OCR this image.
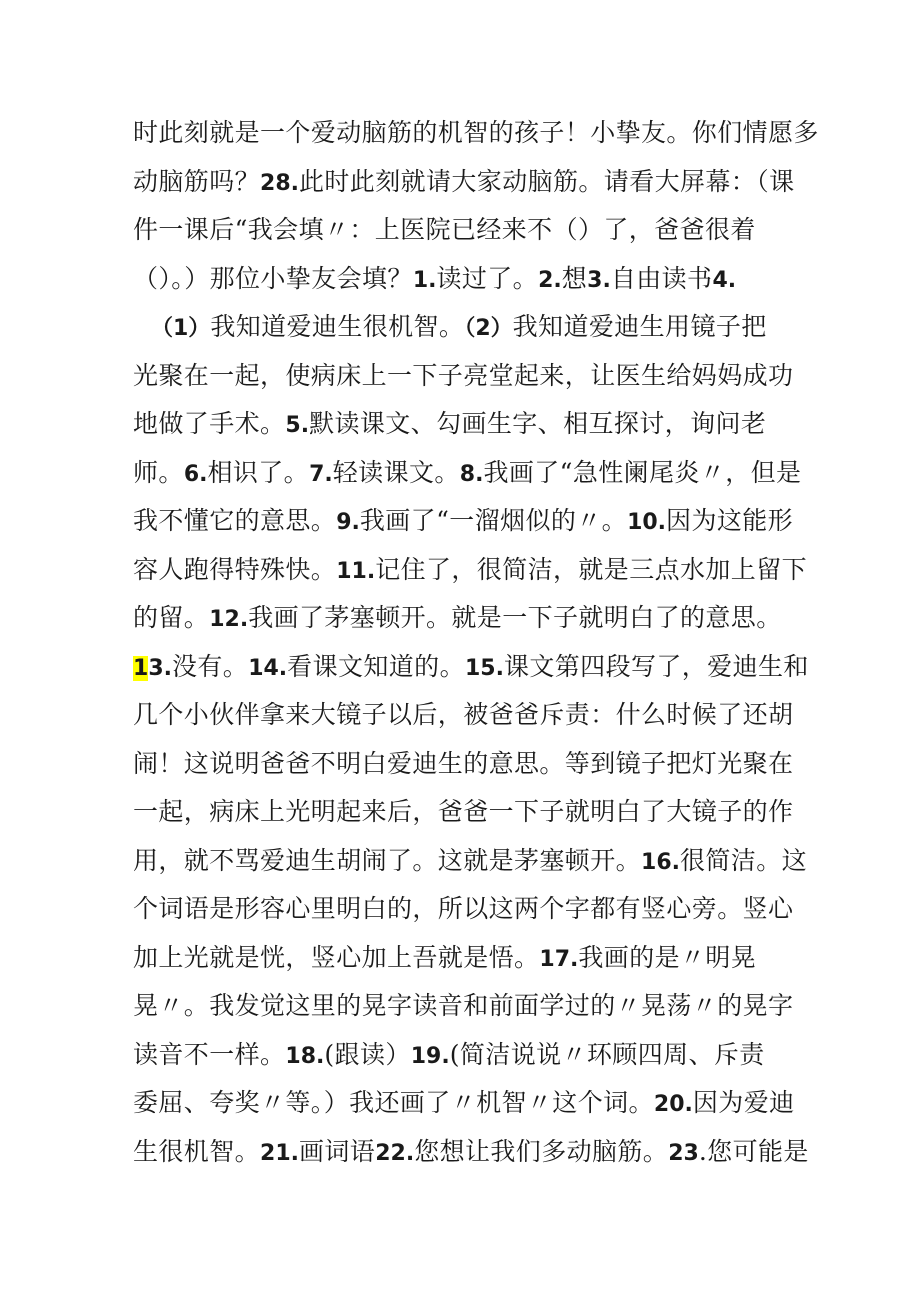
时此刻就是一个爱动脑筋的机智的孩子！小挚友。你们情愿多
动脑筋吗？28.此时此刻就请大家动脑筋。请看大屏幕：（课
件一课后“我会填〃：上医院已经来不（）了，爸爸很着
（）。）那位小挚友会填？1.读过了。2.想3.自由读书4.
（1）我知道爱迪生很机智。（2）我知道爱迪生用镜子把
光聚在一起，使病床上一下子亮堂起来，让医生给妈妈成功
地做了手术。5.默读课文、勾画生字、相互探讨，询问老
师。6.相识了。7.轻读课文。8.我画了“急性阑尾炎〃，但是
我不懂它的意思。9.我画了“一溜烟似的〃。10.因为这能形
容人跑得特殊快。11.记住了，很简洁，就是三点水加上留下
的留。12.我画了茅塞顿开。就是一下子就明白了的意思。
13.没有。14.看课文知道的。15.课文第四段写了，爱迪生和
几个小伙伴拿来大镜子以后，被爸爸斥责：什么时候了还胡
闹！这说明爸爸不明白爱迪生的意思。等到镜子把灯光聚在
一起，病床上光明起来后，爸爸一下子就明白了大镜子的作
用，就不骂爱迪生胡闹了。这就是茅塞顿开。16.很简洁。这
个词语是形容心里明白的，所以这两个字都有竖心旁。竖心
加上光就是恍，竖心加上吾就是悟。17.我画的是〃明晃
晃〃。我发觉这里的晃字读音和前面学过的〃晃荡〃的晃字
读音不一样。18.(跟读）19.(简洁说说〃环顾四周、斥责
委屈、夸奖〃等。）我还画了〃机智〃这个词。20.因为爱迪
生很机智。21.画词语22.您想让我们多动脑筋。23.您可能是
